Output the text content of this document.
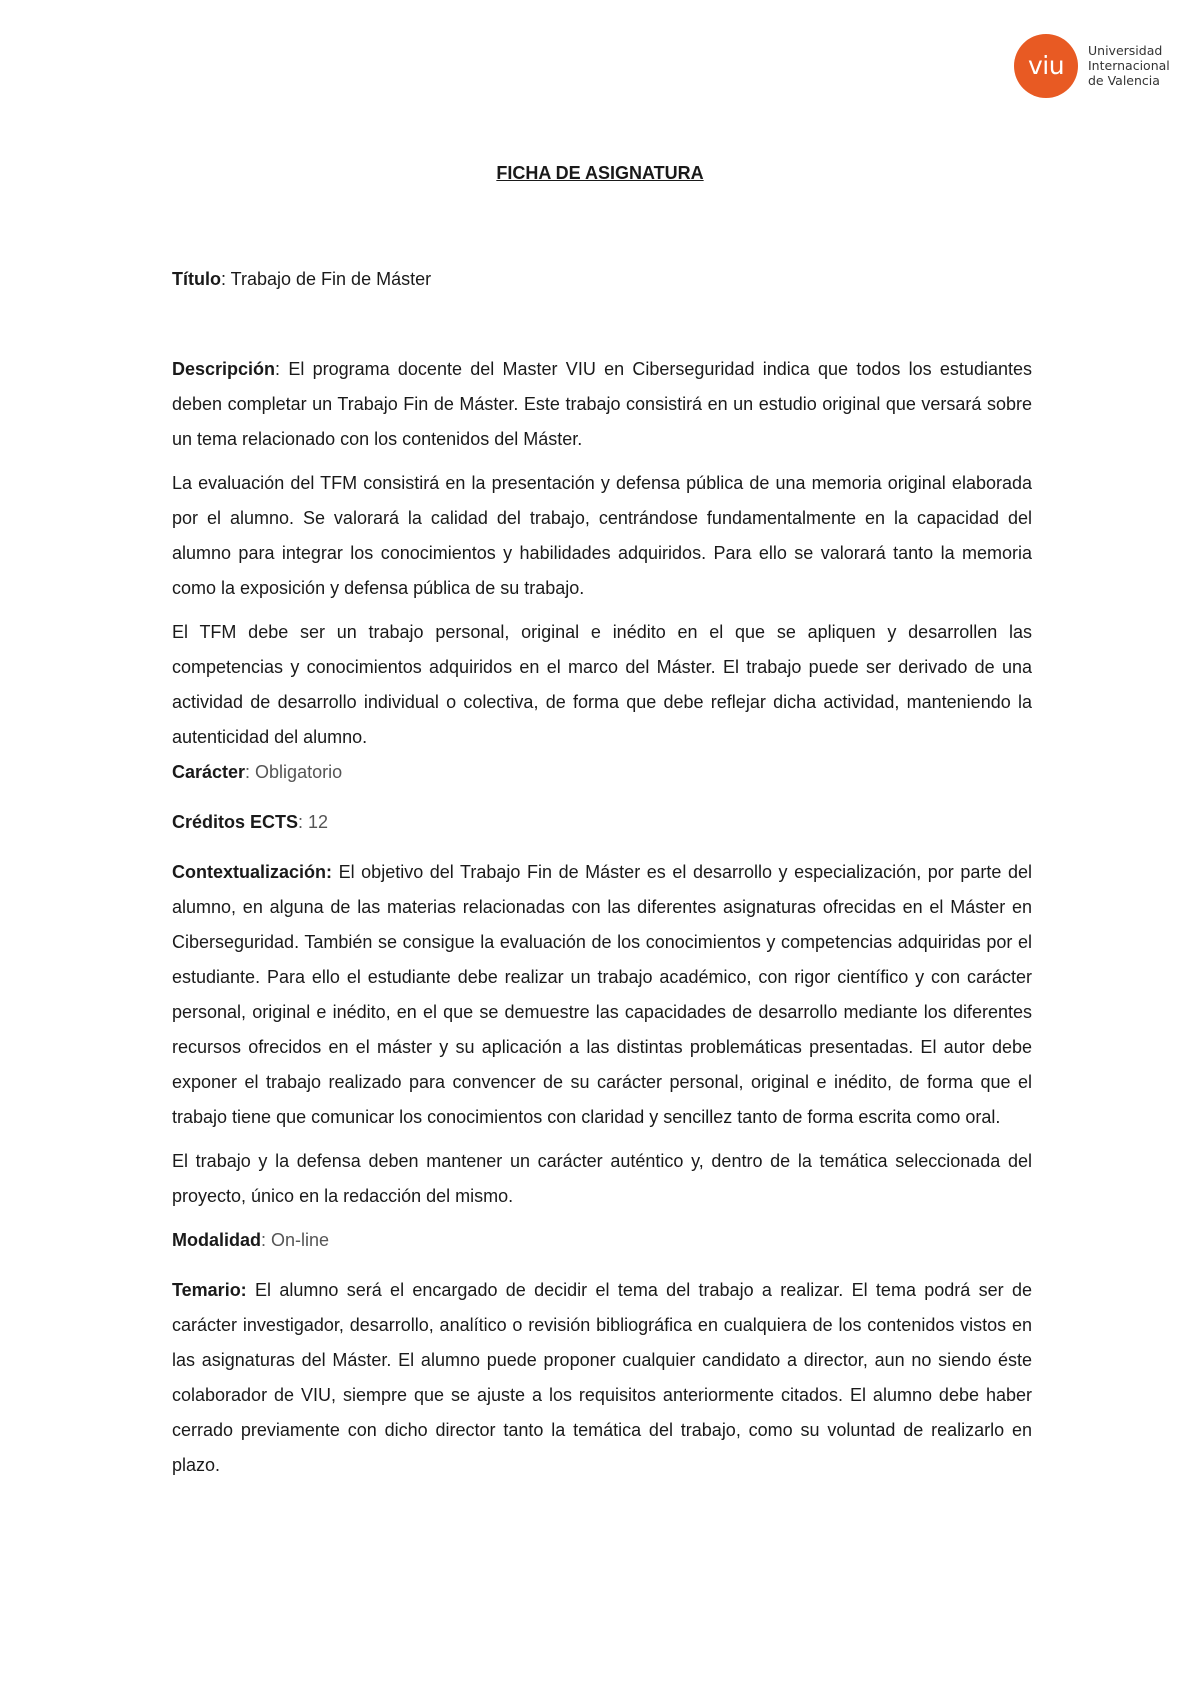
viu
Universidad
Internacional
de Valencia
FICHA DE ASIGNATURA

Título: Trabajo de Fin de Máster

Descripción: El programa docente del Master VIU en Ciberseguridad indica que todos los estudiantes deben completar un Trabajo Fin de Máster. Este trabajo consistirá en un estudio original que versará sobre un tema relacionado con los contenidos del Máster.

La evaluación del TFM consistirá en la presentación y defensa pública de una memoria original elaborada por el alumno. Se valorará la calidad del trabajo, centrándose fundamentalmente en la capacidad del alumno para integrar los conocimientos y habilidades adquiridos. Para ello se valorará tanto la memoria como la exposición y defensa pública de su trabajo.

El TFM debe ser un trabajo personal, original e inédito en el que se apliquen y desarrollen las competencias y conocimientos adquiridos en el marco del Máster. El trabajo puede ser derivado de una actividad de desarrollo individual o colectiva, de forma que debe reflejar dicha actividad, manteniendo la autenticidad del alumno.

Carácter: Obligatorio

Créditos ECTS: 12

Contextualización: El objetivo del Trabajo Fin de Máster es el desarrollo y especialización, por parte del alumno, en alguna de las materias relacionadas con las diferentes asignaturas ofrecidas en el Máster en Ciberseguridad. También se consigue la evaluación de los conocimientos y competencias adquiridas por el estudiante. Para ello el estudiante debe realizar un trabajo académico, con rigor científico y con carácter personal, original e inédito, en el que se demuestre las capacidades de desarrollo mediante los diferentes recursos ofrecidos en el máster y su aplicación a las distintas problemáticas presentadas. El autor debe exponer el trabajo realizado para convencer de su carácter personal, original e inédito, de forma que el trabajo tiene que comunicar los conocimientos con claridad y sencillez tanto de forma escrita como oral.

El trabajo y la defensa deben mantener un carácter auténtico y, dentro de la temática seleccionada del proyecto, único en la redacción del mismo.

Modalidad: On-line

Temario: El alumno será el encargado de decidir el tema del trabajo a realizar. El tema podrá ser de carácter investigador, desarrollo, analítico o revisión bibliográfica en cualquiera de los contenidos vistos en las asignaturas del Máster. El alumno puede proponer cualquier candidato a director, aun no siendo éste colaborador de VIU, siempre que se ajuste a los requisitos anteriormente citados. El alumno debe haber cerrado previamente con dicho director tanto la temática del trabajo, como su voluntad de realizarlo en plazo.
